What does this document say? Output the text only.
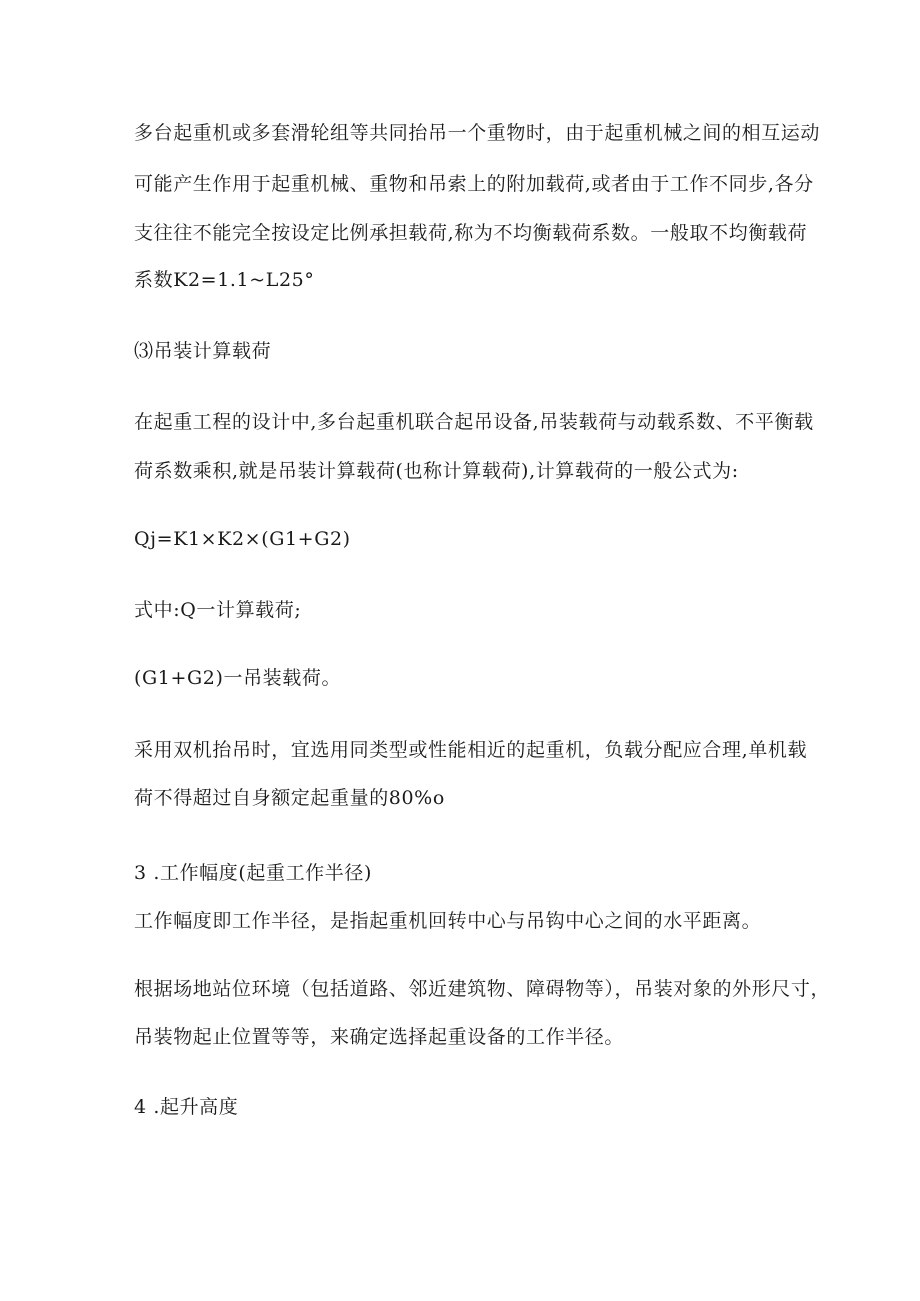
多台起重机或多套滑轮组等共同抬吊一个重物时，由于起重机械之间的相互运动
可能产生作用于起重机械、重物和吊索上的附加载荷,或者由于工作不同步,各分
支往往不能完全按设定比例承担载荷,称为不均衡载荷系数。一般取不均衡载荷
系数K2=1.1~L25°
⑶吊装计算载荷
在起重工程的设计中,多台起重机联合起吊设备,吊装载荷与动载系数、不平衡载
荷系数乘积,就是吊装计算载荷(也称计算载荷),计算载荷的一般公式为:
Qj=K1×K2×(G1+G2)
式中:Q一计算载荷;
(G1+G2)一吊装载荷。
采用双机抬吊时，宜选用同类型或性能相近的起重机，负载分配应合理,单机载
荷不得超过自身额定起重量的80%o
3 .工作幅度(起重工作半径)
工作幅度即工作半径，是指起重机回转中心与吊钩中心之间的水平距离。
根据场地站位环境（包括道路、邻近建筑物、障碍物等），吊装对象的外形尺寸，
吊装物起止位置等等，来确定选择起重设备的工作半径。
4 .起升高度
